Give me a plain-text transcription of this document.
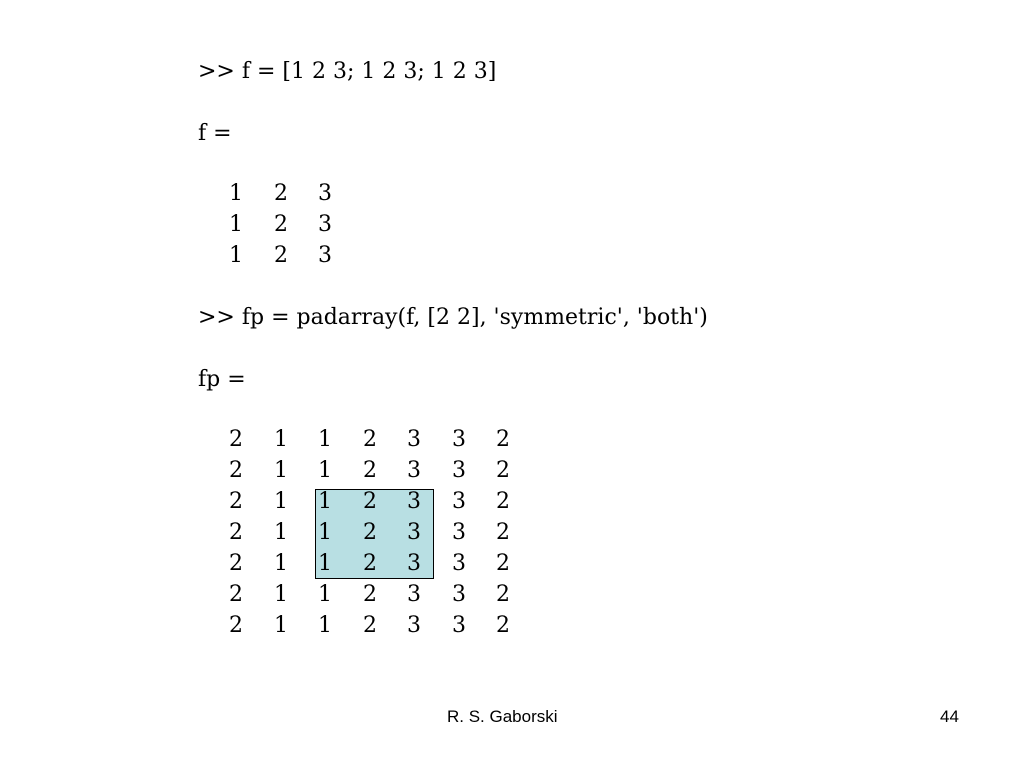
>> f = [1 2 3; 1 2 3; 1 2 3]
f =
1 2 3
1 2 3
1 2 3
>> fp = padarray(f, [2 2], 'symmetric', 'both')
fp =
2 1 1 2 3 3 2
2 1 1 2 3 3 2
2 1 1 2 3 3 2
2 1 1 2 3 3 2
2 1 1 2 3 3 2
2 1 1 2 3 3 2
2 1 1 2 3 3 2
R. S. Gaborski	44
